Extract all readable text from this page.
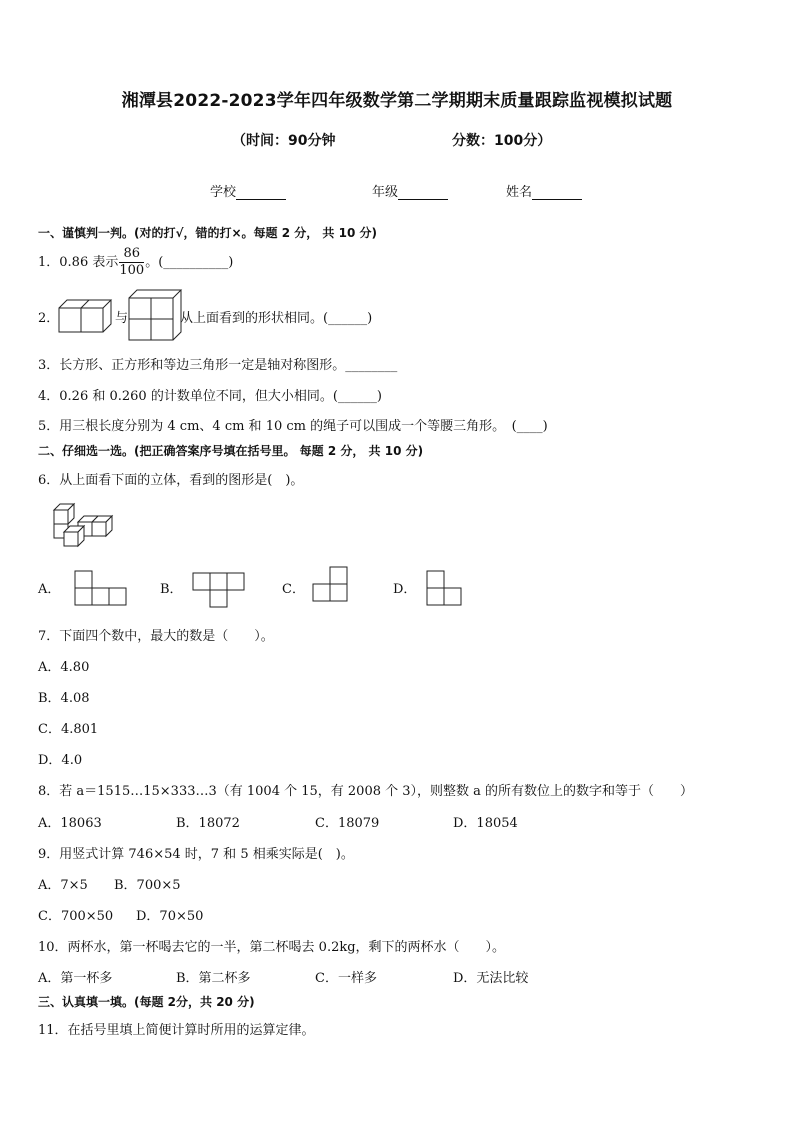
湘潭县2022-2023学年四年级数学第二学期期末质量跟踪监视模拟试题
（时间：90分钟	分数：100分）
学校	年级	姓名
一、谨慎判一判。(对的打√，错的打×。每题 2 分， 共 10 分)
1．0.86 表示 $\frac{86}{100}$ 。(__________)
2．	与	从上面看到的形状相同。(______)
3．长方形、正方形和等边三角形一定是轴对称图形。________
4．0.26 和 0.260 的计数单位不同，但大小相同。(______)
5．用三根长度分别为 4 cm、4 cm 和 10 cm 的绳子可以围成一个等腰三角形。　(____)
二、仔细选一选。(把正确答案序号填在括号里。 每题 2 分， 共 10 分)
6．从上面看下面的立体，看到的图形是(　)。
A．	B．	C．	D．
7．下面四个数中，最大的数是（　　）。
A．4.80
B．4.08
C．4.801
D．4.0
8．若 a＝1515…15×333…3（有 1004 个 15，有 2008 个 3），则整数 a 的所有数位上的数字和等于（　　）
A．18063	B．18072	C．18079	D．18054
9．用竖式计算 746×54 时，7 和 5 相乘实际是(　)。
A．7×5 B．700×5
C．700×50 D．70×50
10．两杯水，第一杯喝去它的一半，第二杯喝去 0.2kg，剩下的两杯水（　　）。
A．第一杯多	B．第二杯多	C．一样多	D．无法比较
三、认真填一填。(每题 2分，共 20 分)
11．在括号里填上简便计算时所用的运算定律。
